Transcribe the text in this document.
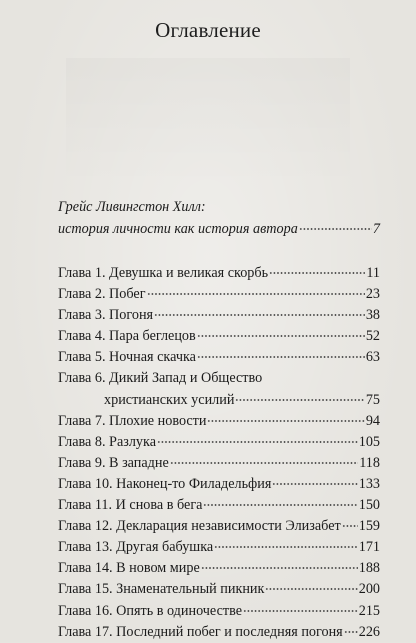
Оглавление
Грейс Ливингстон Хилл:
история личности как история автора	7
Глава 1. Девушка и великая скорбь	11
Глава 2. Побег	23
Глава 3. Погоня	38
Глава 4. Пара беглецов	52
Глава 5. Ночная скачка	63
Глава 6. Дикий Запад и Общество
христианских усилий	75
Глава 7. Плохие новости	94
Глава 8. Разлука	105
Глава 9. В западне	118
Глава 10. Наконец-то Филадельфия	133
Глава 11. И снова в бега	150
Глава 12. Декларация независимости Элизабет 159
Глава 13. Другая бабушка	171
Глава 14. В новом мире	188
Глава 15. Знаменательный пикник	200
Глава 16. Опять в одиночестве	215
Глава 17. Последний побег и последняя погоня 226
